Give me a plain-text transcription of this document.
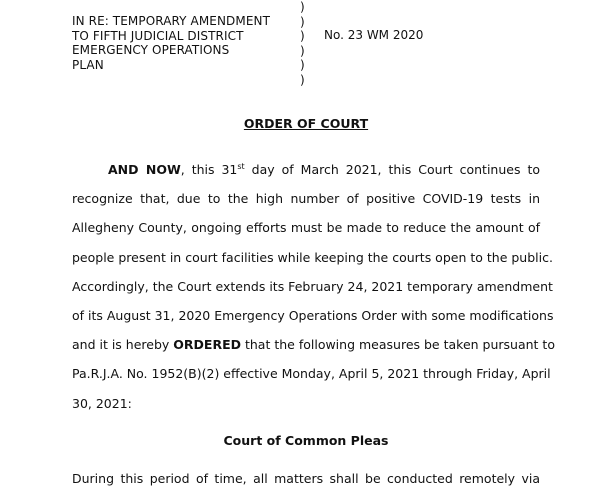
IN RE: TEMPORARY AMENDMENT
TO FIFTH JUDICIAL DISTRICT
EMERGENCY OPERATIONS
PLAN
)
)
)
)
)
)
No. 23 WM 2020
ORDER OF COURT
AND NOW, this 31st day of March 2021, this Court continues to
recognize that, due to the high number of positive COVID-19 tests in
Allegheny County, ongoing efforts must be made to reduce the amount of
people present in court facilities while keeping the courts open to the public.
Accordingly, the Court extends its February 24, 2021 temporary amendment
of its August 31, 2020 Emergency Operations Order with some modifications
and it is hereby ORDERED that the following measures be taken pursuant to
Pa.R.J.A. No. 1952(B)(2) effective Monday, April 5, 2021 through Friday, April
30, 2021:
Court of Common Pleas
During this period of time, all matters shall be conducted remotely via
